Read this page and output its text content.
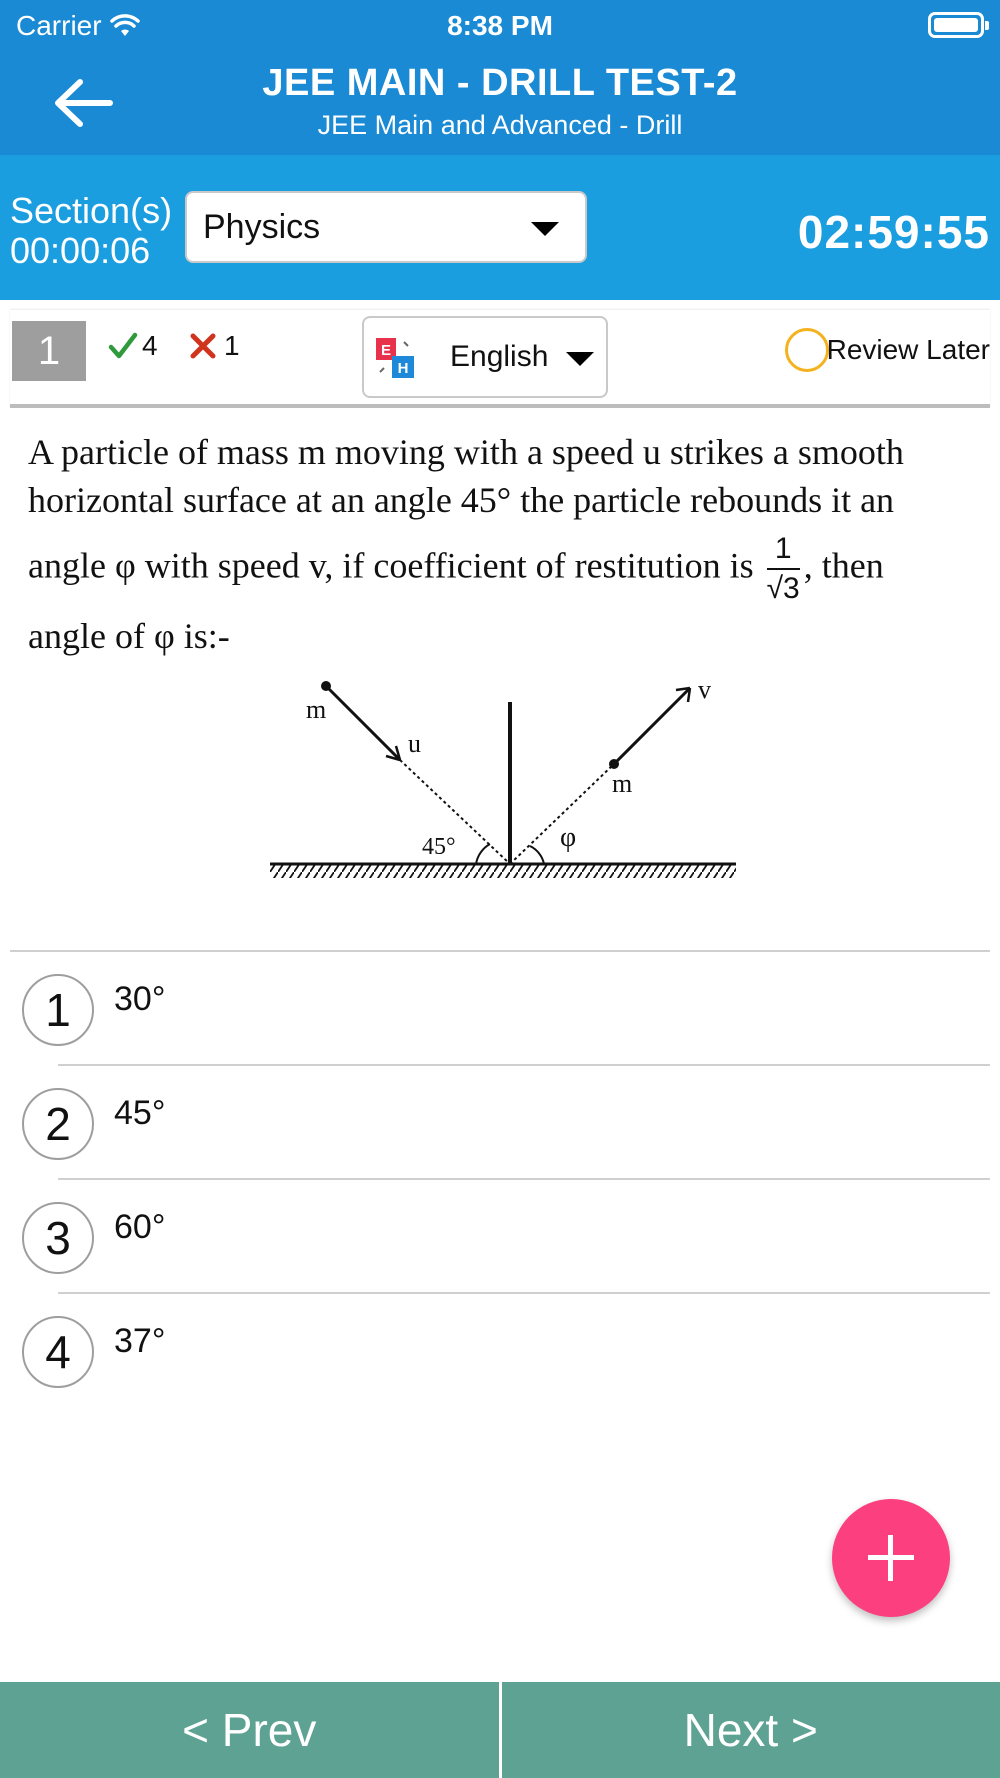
Carrier	8:38 PM
JEE MAIN - DRILL TEST-2
JEE Main and Advanced - Drill
Section(s)
00:00:06
Physics	02:59:55
1	4 1	E
H English	Review Later
A particle of mass m moving with a speed u strikes a smooth
horizontal surface at an angle 45° the particle rebounds it an
angle φ with speed v, if coefficient of restitution is $\frac{1}{√3}$ , then
angle of φ is:-
m
u
v
m
45°	φ
1	30°
2	45°
3	60°
4	37°
< Prev	Next >
